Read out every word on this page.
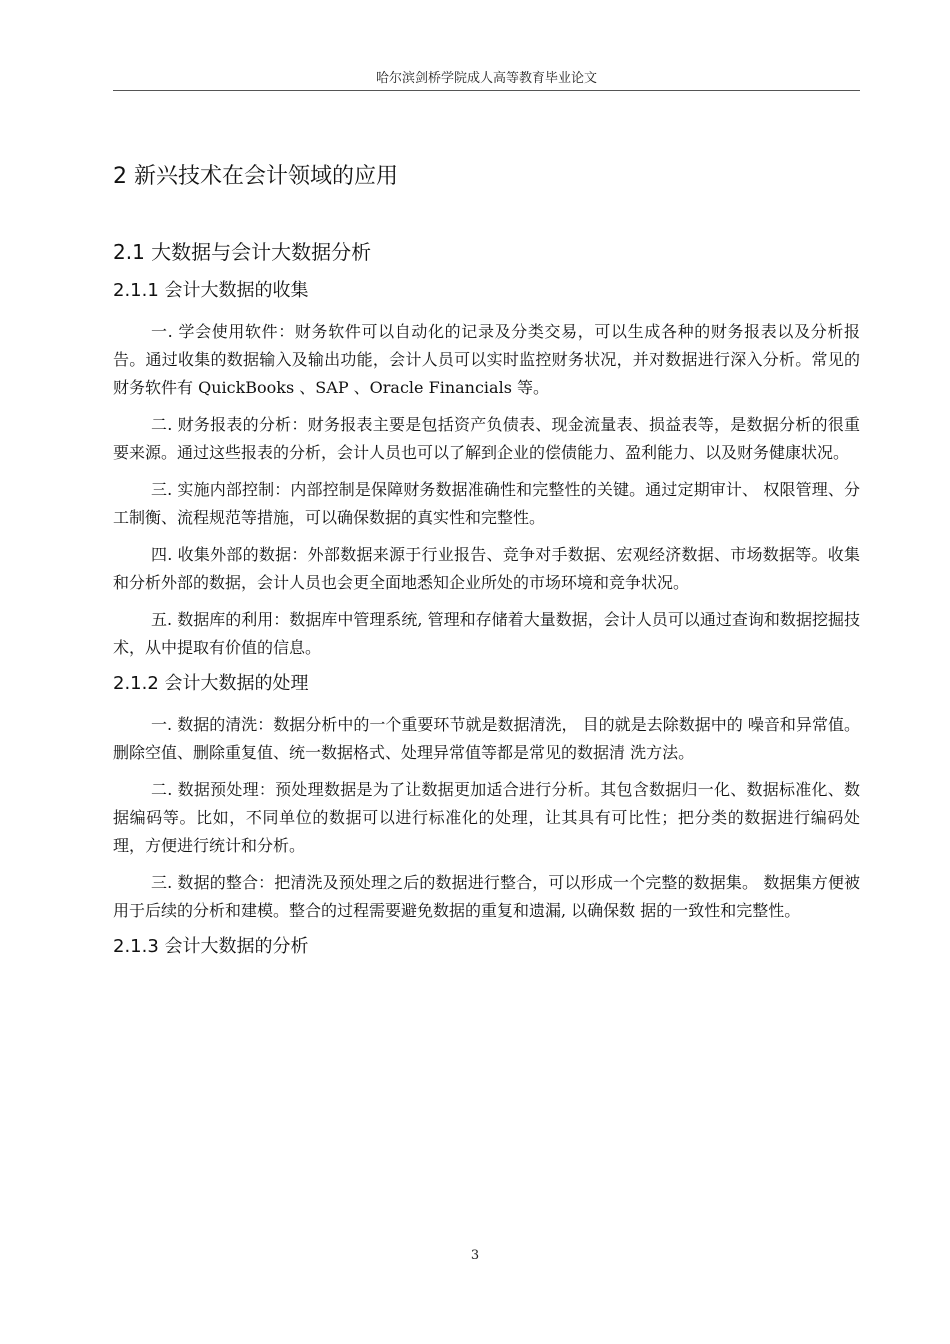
哈尔滨剑桥学院成人高等教育毕业论文
2 新兴技术在会计领域的应用
2.1 大数据与会计大数据分析
2.1.1 会计大数据的收集

一. 学会使用软件：财务软件可以自动化的记录及分类交易，可以生成各种的财务报表以及分析报告。通过收集的数据输入及输出功能，会计人员可以实时监控财务状况，并对数据进行深入分析。常见的财务软件有 QuickBooks 、SAP 、Oracle Financials 等。

二. 财务报表的分析：财务报表主要是包括资产负债表、现金流量表、损益表等，是数据分析的很重要来源。通过这些报表的分析，会计人员也可以了解到企业的偿债能力、盈利能力、以及财务健康状况。

三. 实施内部控制：内部控制是保障财务数据准确性和完整性的关键。通过定期审计、 权限管理、分工制衡、流程规范等措施，可以确保数据的真实性和完整性。

四. 收集外部的数据：外部数据来源于行业报告、竞争对手数据、宏观经济数据、市场数据等。收集和分析外部的数据，会计人员也会更全面地悉知企业所处的市场环境和竞争状况。

五. 数据库的利用：数据库中管理系统, 管理和存储着大量数据，会计人员可以通过查询和数据挖掘技术，从中提取有价值的信息。

2.1.2 会计大数据的处理

一. 数据的清洗：数据分析中的一个重要环节就是数据清洗， 目的就是去除数据中的 噪音和异常值。删除空值、删除重复值、统一数据格式、处理异常值等都是常见的数据清 洗方法。

二. 数据预处理：预处理数据是为了让数据更加适合进行分析。其包含数据归一化、数据标准化、数据编码等。比如，不同单位的数据可以进行标准化的处理，让其具有可比性；把分类的数据进行编码处理，方便进行统计和分析。

三. 数据的整合：把清洗及预处理之后的数据进行整合，可以形成一个完整的数据集。 数据集方便被用于后续的分析和建模。整合的过程需要避免数据的重复和遗漏, 以确保数 据的一致性和完整性。

2.1.3 会计大数据的分析
3
